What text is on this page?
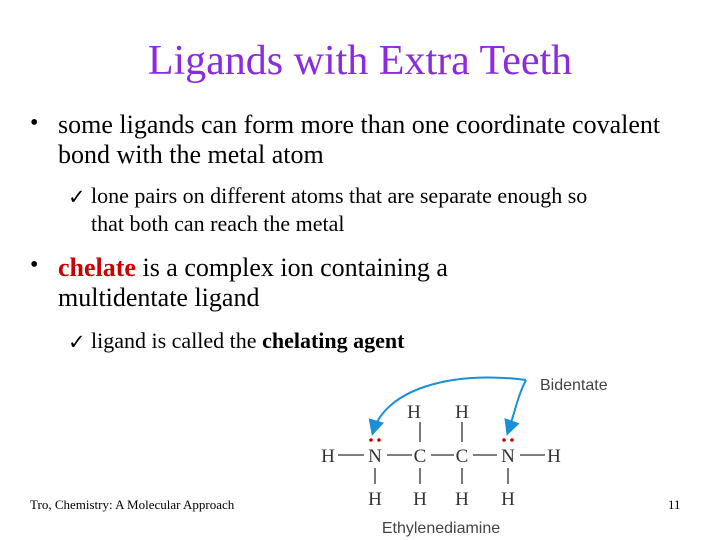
Ligands with Extra Teeth
• some ligands can form more than one coordinate covalent bond with the metal atom
✓ lone pairs on different atoms that are separate enough so that both can reach the metal
• chelate is a complex ion containing a multidentate ligand
✓ ligand is called the chelating agent
Bidentate
H H
H N C C N H
H H H H
Ethylenediamine
Tro, Chemistry: A Molecular Approach	11
